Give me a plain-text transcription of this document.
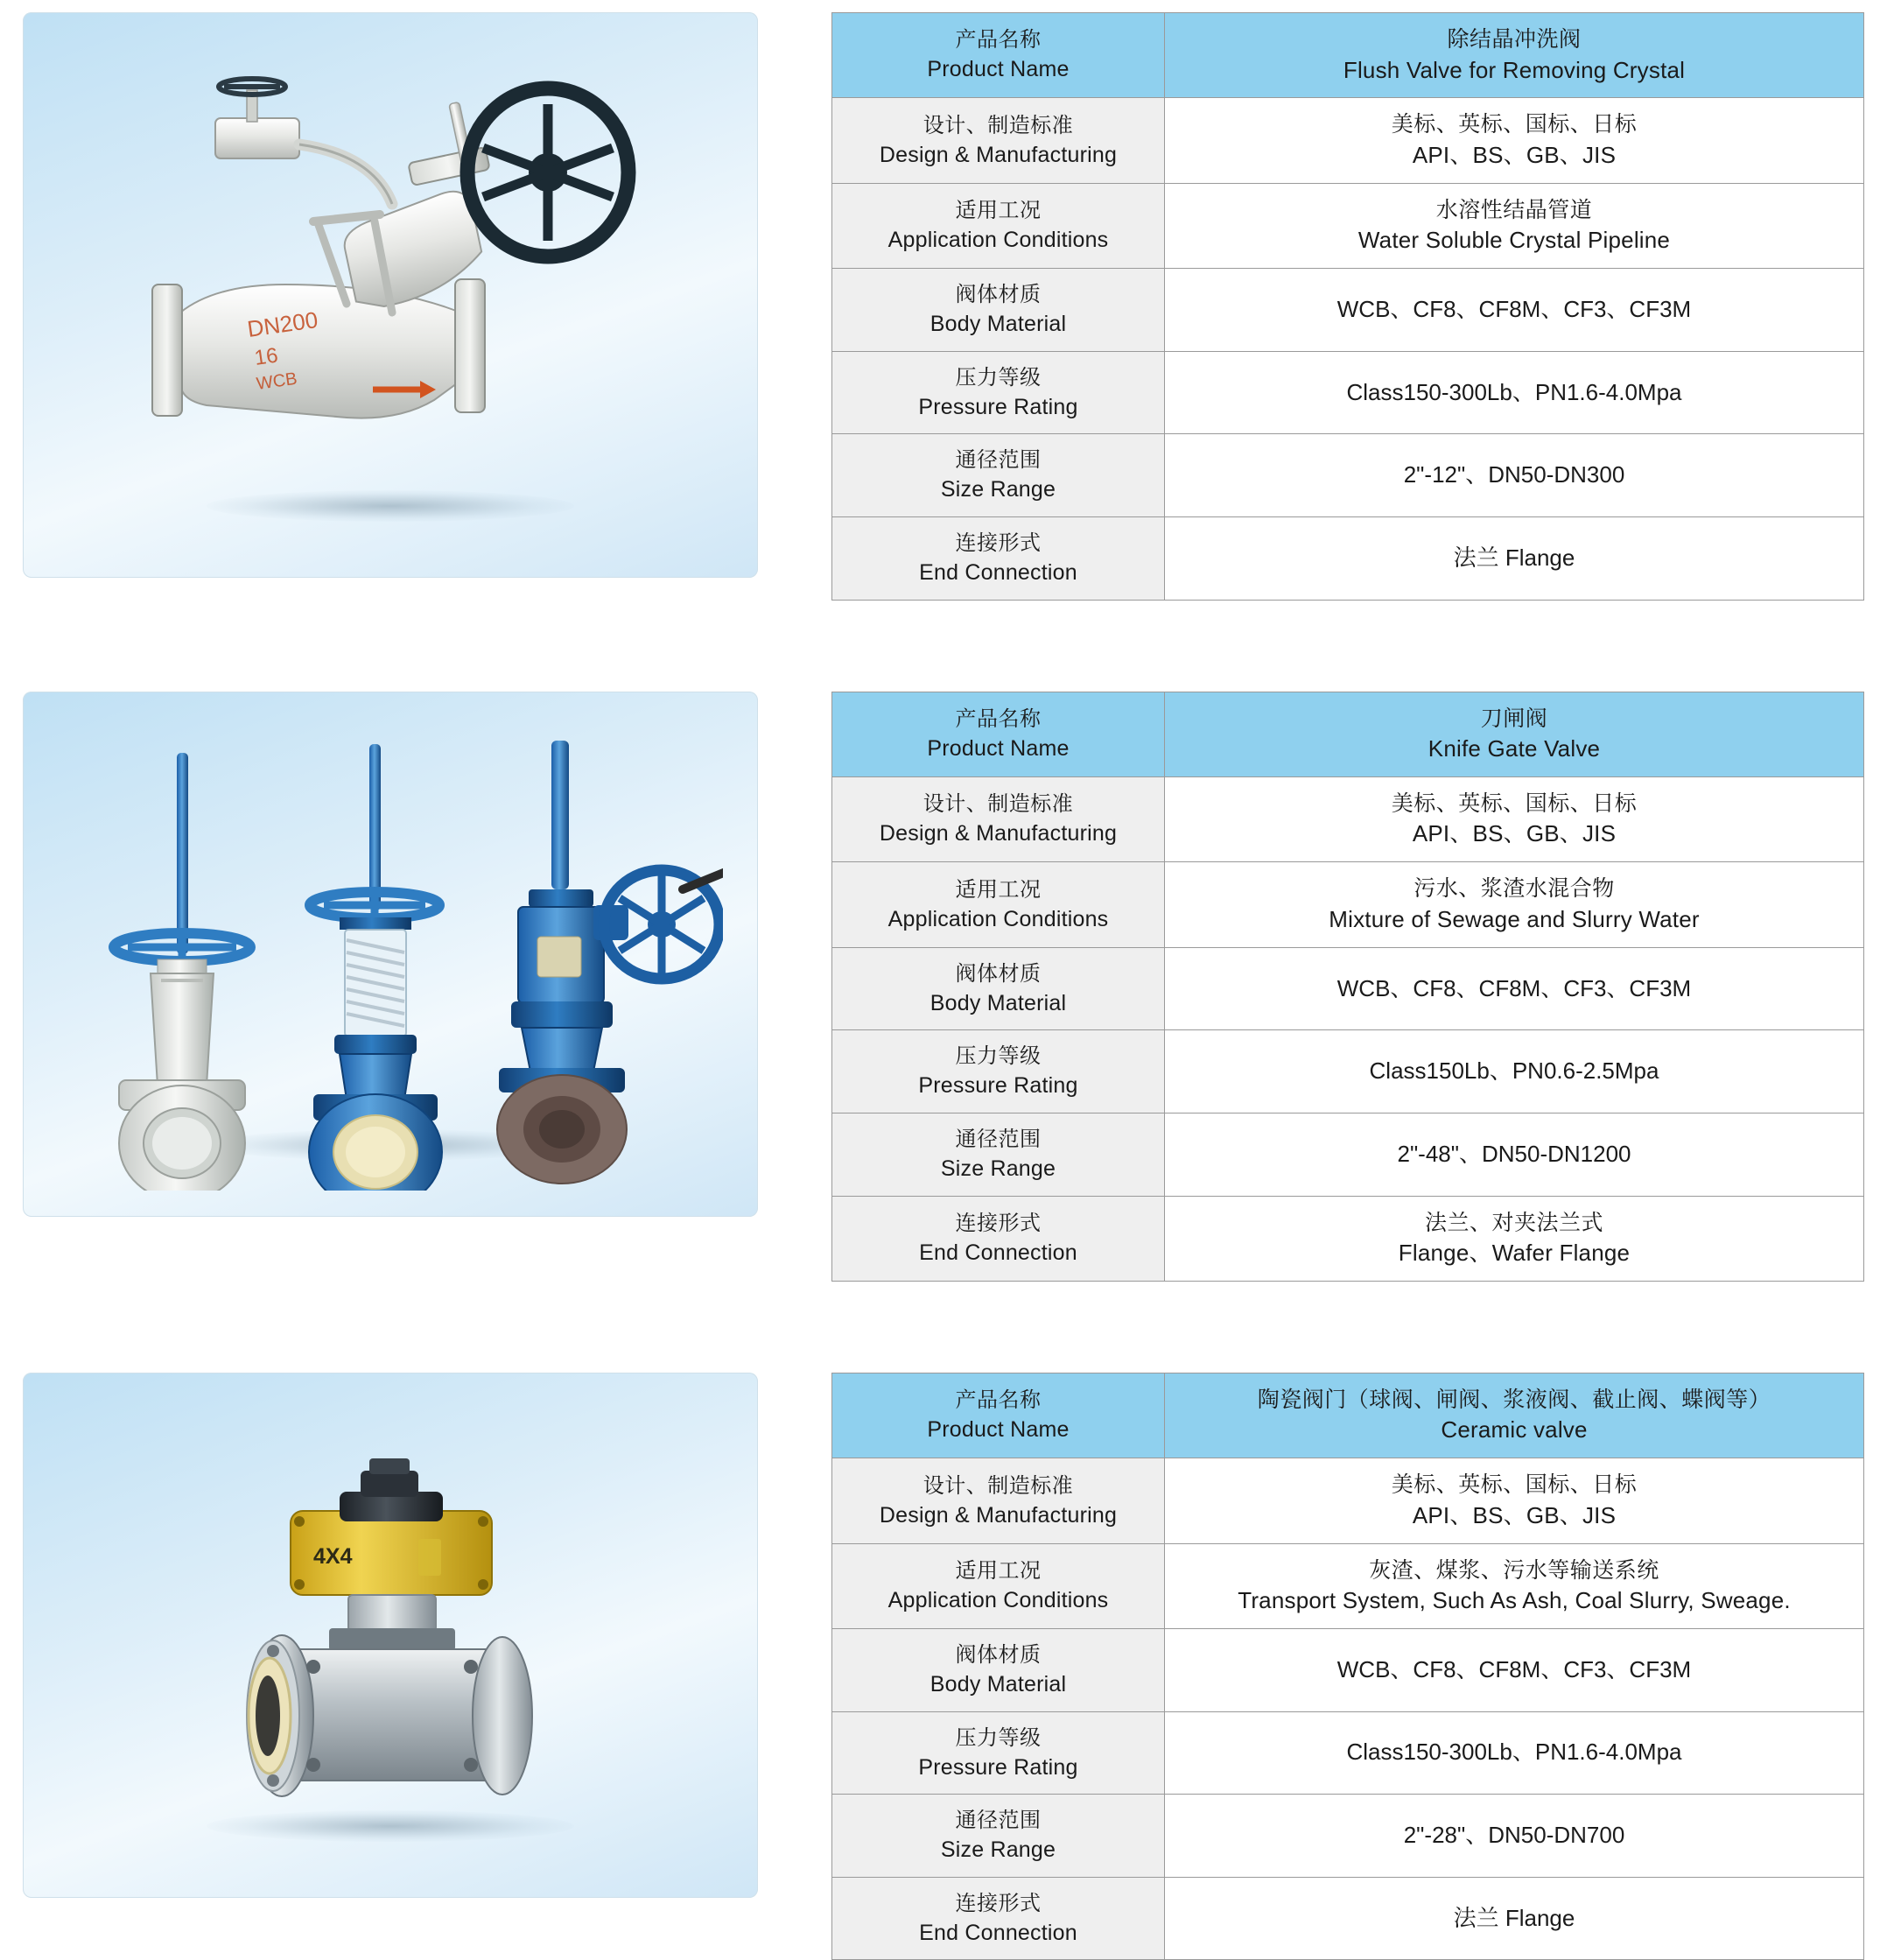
DN200
16
WCB
产品名称
Product Name	除结晶冲洗阀
Flush Valve for Removing Crystal

设计、制造标准
Design & Manufacturing	美标、英标、国标、日标
API、BS、GB、JIS

适用工况
Application Conditions	水溶性结晶管道
Water Soluble Crystal Pipeline

阀体材质
Body Material	WCB、CF8、CF8M、CF3、CF3M

压力等级
Pressure Rating	Class150-300Lb、PN1.6-4.0Mpa

通径范围
Size Range	2"-12"、DN50-DN300

连接形式
End Connection	法兰 Flange
产品名称
Product Name	刀闸阀
Knife Gate Valve

设计、制造标准
Design & Manufacturing	美标、英标、国标、日标
API、BS、GB、JIS

适用工况
Application Conditions	污水、浆渣水混合物
Mixture of Sewage and Slurry Water

阀体材质
Body Material	WCB、CF8、CF8M、CF3、CF3M

压力等级
Pressure Rating	Class150Lb、PN0.6-2.5Mpa

通径范围
Size Range	2"-48"、DN50-DN1200

连接形式
End Connection	法兰、对夹法兰式
Flange、Wafer Flange
4X4
产品名称
Product Name	陶瓷阀门（球阀、闸阀、浆液阀、截止阀、蝶阀等）
Ceramic valve

设计、制造标准
Design & Manufacturing	美标、英标、国标、日标
API、BS、GB、JIS

适用工况
Application Conditions	灰渣、煤浆、污水等输送系统
Transport System, Such As Ash, Coal Slurry, Sweage.

阀体材质
Body Material	WCB、CF8、CF8M、CF3、CF3M

压力等级
Pressure Rating	Class150-300Lb、PN1.6-4.0Mpa

通径范围
Size Range	2"-28"、DN50-DN700

连接形式
End Connection	法兰 Flange
